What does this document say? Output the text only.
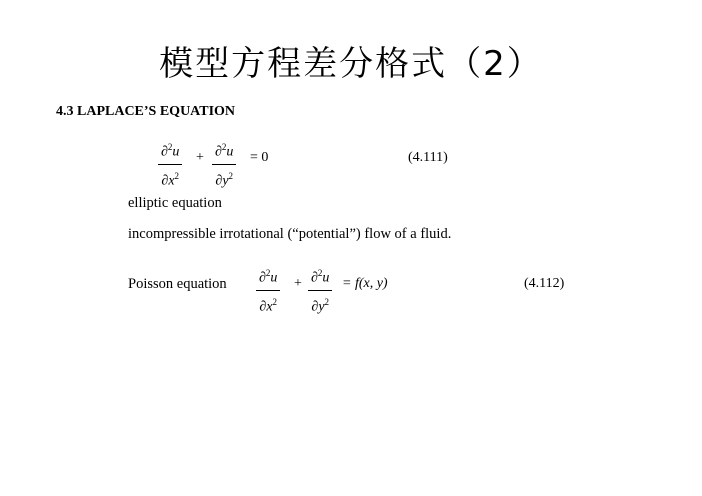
模型方程差分格式（2）
4.3 LAPLACE’S EQUATION
$\frac{\partial^2u}{\partial x^2} + \frac{\partial^2u}{\partial y^2} = 0$	(4.111)
elliptic equation
incompressible irrotational (“potential”) flow of a fluid.
Poisson equation $\frac{\partial^2u}{\partial x^2} + \frac{\partial^2u}{\partial y^2} = f(x$, y)	(4.112)
